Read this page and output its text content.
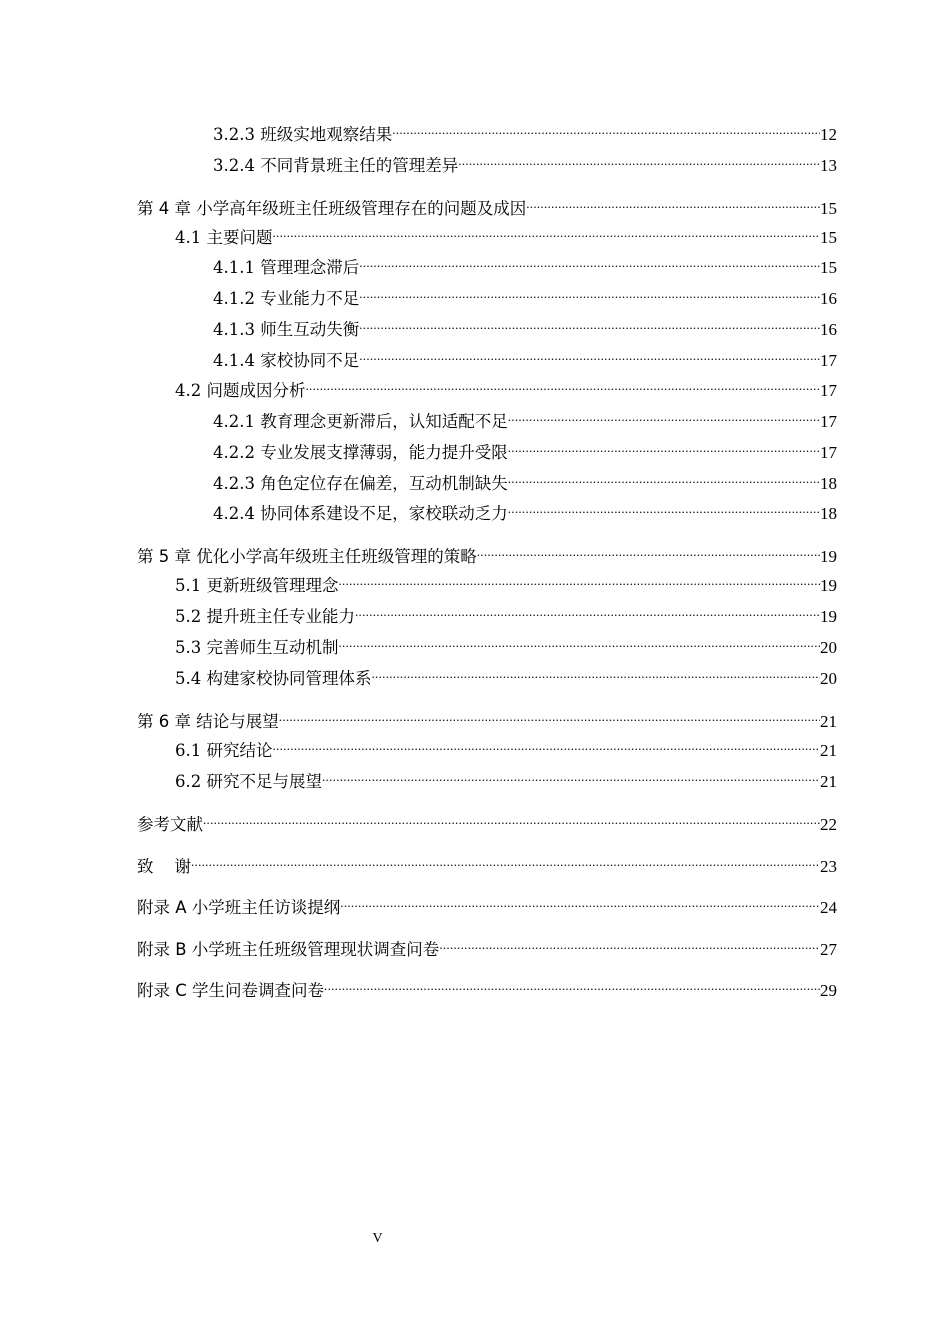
3.2.3 班级实地观察结果 .....	12
3.2.4 不同背景班主任的管理差异 .....	13
第 4 章 小学高年级班主任班级管理存在的问题及成因 .....	15
4.1 主要问题 .....	15
4.1.1 管理理念滞后 .....	15
4.1.2 专业能力不足 .....	16
4.1.3 师生互动失衡 .....	16
4.1.4 家校协同不足 .....	17
4.2 问题成因分析 .....	17
4.2.1 教育理念更新滞后，认知适配不足 .....	17
4.2.2 专业发展支撑薄弱，能力提升受限 .....	17
4.2.3 角色定位存在偏差，互动机制缺失 .....	18
4.2.4 协同体系建设不足，家校联动乏力 .....	18
第 5 章 优化小学高年级班主任班级管理的策略 .....	19
5.1 更新班级管理理念 .....	19
5.2 提升班主任专业能力 .....	19
5.3 完善师生互动机制 .....	20
5.4 构建家校协同管理体系 .....	20
第 6 章 结论与展望 .....	21
6.1 研究结论 .....	21
6.2 研究不足与展望 .....	21
参考文献 .....	22
致    谢 .....	23
附录 A 小学班主任访谈提纲 .....	24
附录 B 小学班主任班级管理现状调查问卷 .....	27
附录 C 学生问卷调查问卷 .....	29
V
